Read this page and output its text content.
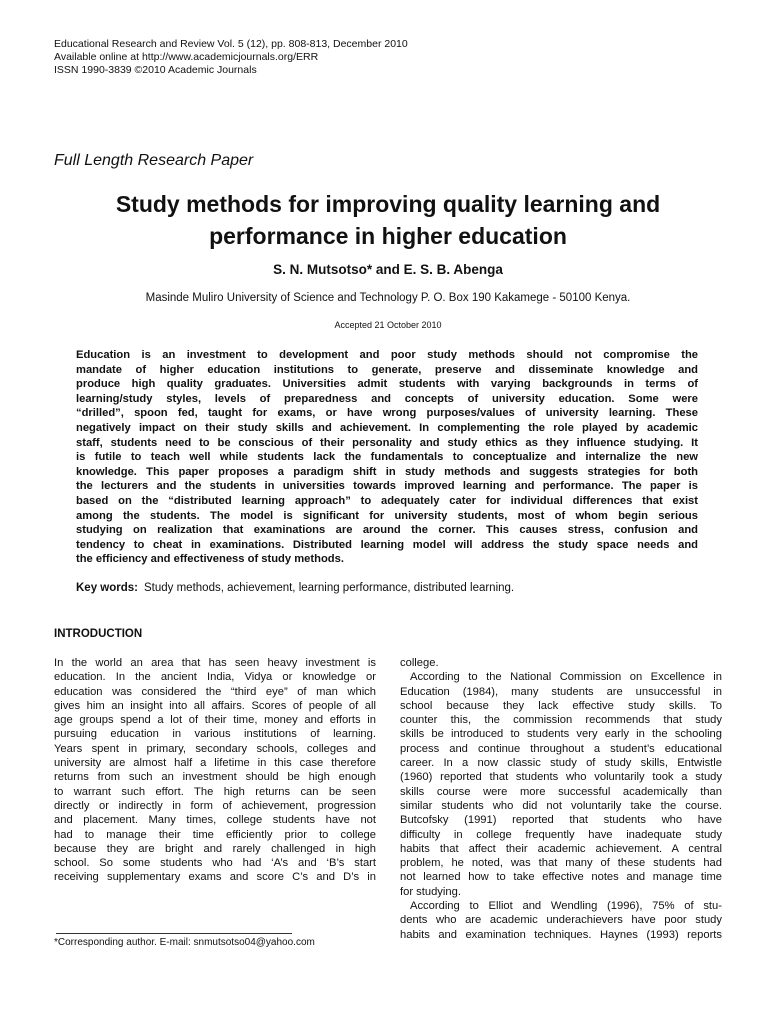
Educational Research and Review Vol. 5 (12), pp. 808-813, December 2010
Available online at http://www.academicjournals.org/ERR
ISSN 1990-3839 ©2010 Academic Journals
Full Length Research Paper
Study methods for improving quality learning and
performance in higher education
S. N. Mutsotso* and E. S. B. Abenga
Masinde Muliro University of Science and Technology P. O. Box 190 Kakamege - 50100 Kenya.
Accepted 21 October 2010
Education is an investment to development and poor study methods should not compromise the
mandate of higher education institutions to generate, preserve and disseminate knowledge and
produce high quality graduates. Universities admit students with varying backgrounds in terms of
learning/study styles, levels of preparedness and concepts of university education. Some were
“drilled”, spoon fed, taught for exams, or have wrong purposes/values of university learning. These
negatively impact on their study skills and achievement. In complementing the role played by academic
staff, students need to be conscious of their personality and study ethics as they influence studying. It
is futile to teach well while students lack the fundamentals to conceptualize and internalize the new
knowledge. This paper proposes a paradigm shift in study methods and suggests strategies for both
the lecturers and the students in universities towards improved learning and performance. The paper is
based on the “distributed learning approach” to adequately cater for individual differences that exist
among the students. The model is significant for university students, most of whom begin serious
studying on realization that examinations are around the corner. This causes stress, confusion and
tendency to cheat in examinations. Distributed learning model will address the study space needs and
the efficiency and effectiveness of study methods.
Key words: Study methods, achievement, learning performance, distributed learning.
INTRODUCTION
In the world an area that has seen heavy investment is
education. In the ancient India, Vidya or knowledge or
education was considered the “third eye” of man which
gives him an insight into all affairs. Scores of people of all
age groups spend a lot of their time, money and efforts in
pursuing education in various institutions of learning.
Years spent in primary, secondary schools, colleges and
university are almost half a lifetime in this case therefore
returns from such an investment should be high enough
to warrant such effort. The high returns can be seen
directly or indirectly in form of achievement, progression
and placement. Many times, college students have not
had to manage their time efficiently prior to college
because they are bright and rarely challenged in high
school. So some students who had ‘A’s and ‘B’s start
receiving supplementary exams and score C’s and D’s in
college.
According to the National Commission on Excellence in
Education (1984), many students are unsuccessful in
school because they lack effective study skills. To
counter this, the commission recommends that study
skills be introduced to students very early in the schooling
process and continue throughout a student’s educational
career. In a now classic study of study skills, Entwistle
(1960) reported that students who voluntarily took a study
skills course were more successful academically than
similar students who did not voluntarily take the course.
Butcofsky (1991) reported that students who have
difficulty in college frequently have inadequate study
habits that affect their academic achievement. A central
problem, he noted, was that many of these students had
not learned how to take effective notes and manage time
for studying.
According to Elliot and Wendling (1996), 75% of stu-
dents who are academic underachievers have poor study
habits and examination techniques. Haynes (1993) reports
*Corresponding author. E-mail: snmutsotso04@yahoo.com
